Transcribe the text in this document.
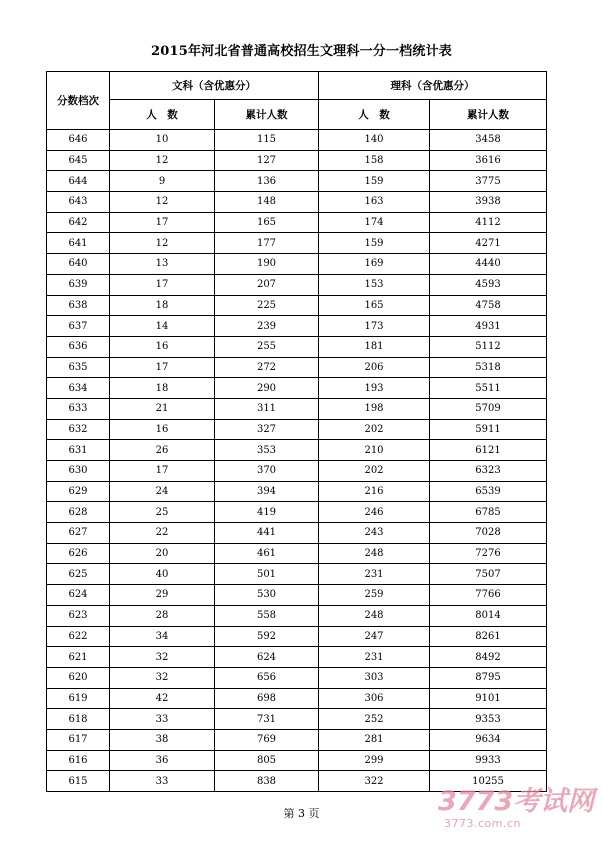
2015年河北省普通高校招生文理科一分一档统计表
分数档次	文科（含优惠分）		理科（含优惠分）	
	人　数	累计人数	人　数	累计人数
646	10	115	140	3458
645	12	127	158	3616
644	9	136	159	3775
643	12	148	163	3938
642	17	165	174	4112
641	12	177	159	4271
640	13	190	169	4440
639	17	207	153	4593
638	18	225	165	4758
637	14	239	173	4931
636	16	255	181	5112
635	17	272	206	5318
634	18	290	193	5511
633	21	311	198	5709
632	16	327	202	5911
631	26	353	210	6121
630	17	370	202	6323
629	24	394	216	6539
628	25	419	246	6785
627	22	441	243	7028
626	20	461	248	7276
625	40	501	231	7507
624	29	530	259	7766
623	28	558	248	8014
622	34	592	247	8261
621	32	624	231	8492
620	32	656	303	8795
619	42	698	306	9101
618	33	731	252	9353
617	38	769	281	9634
616	36	805	299	9933
615	33	838	322	10255
第 3 页	3773考试网
3773.com.cn
